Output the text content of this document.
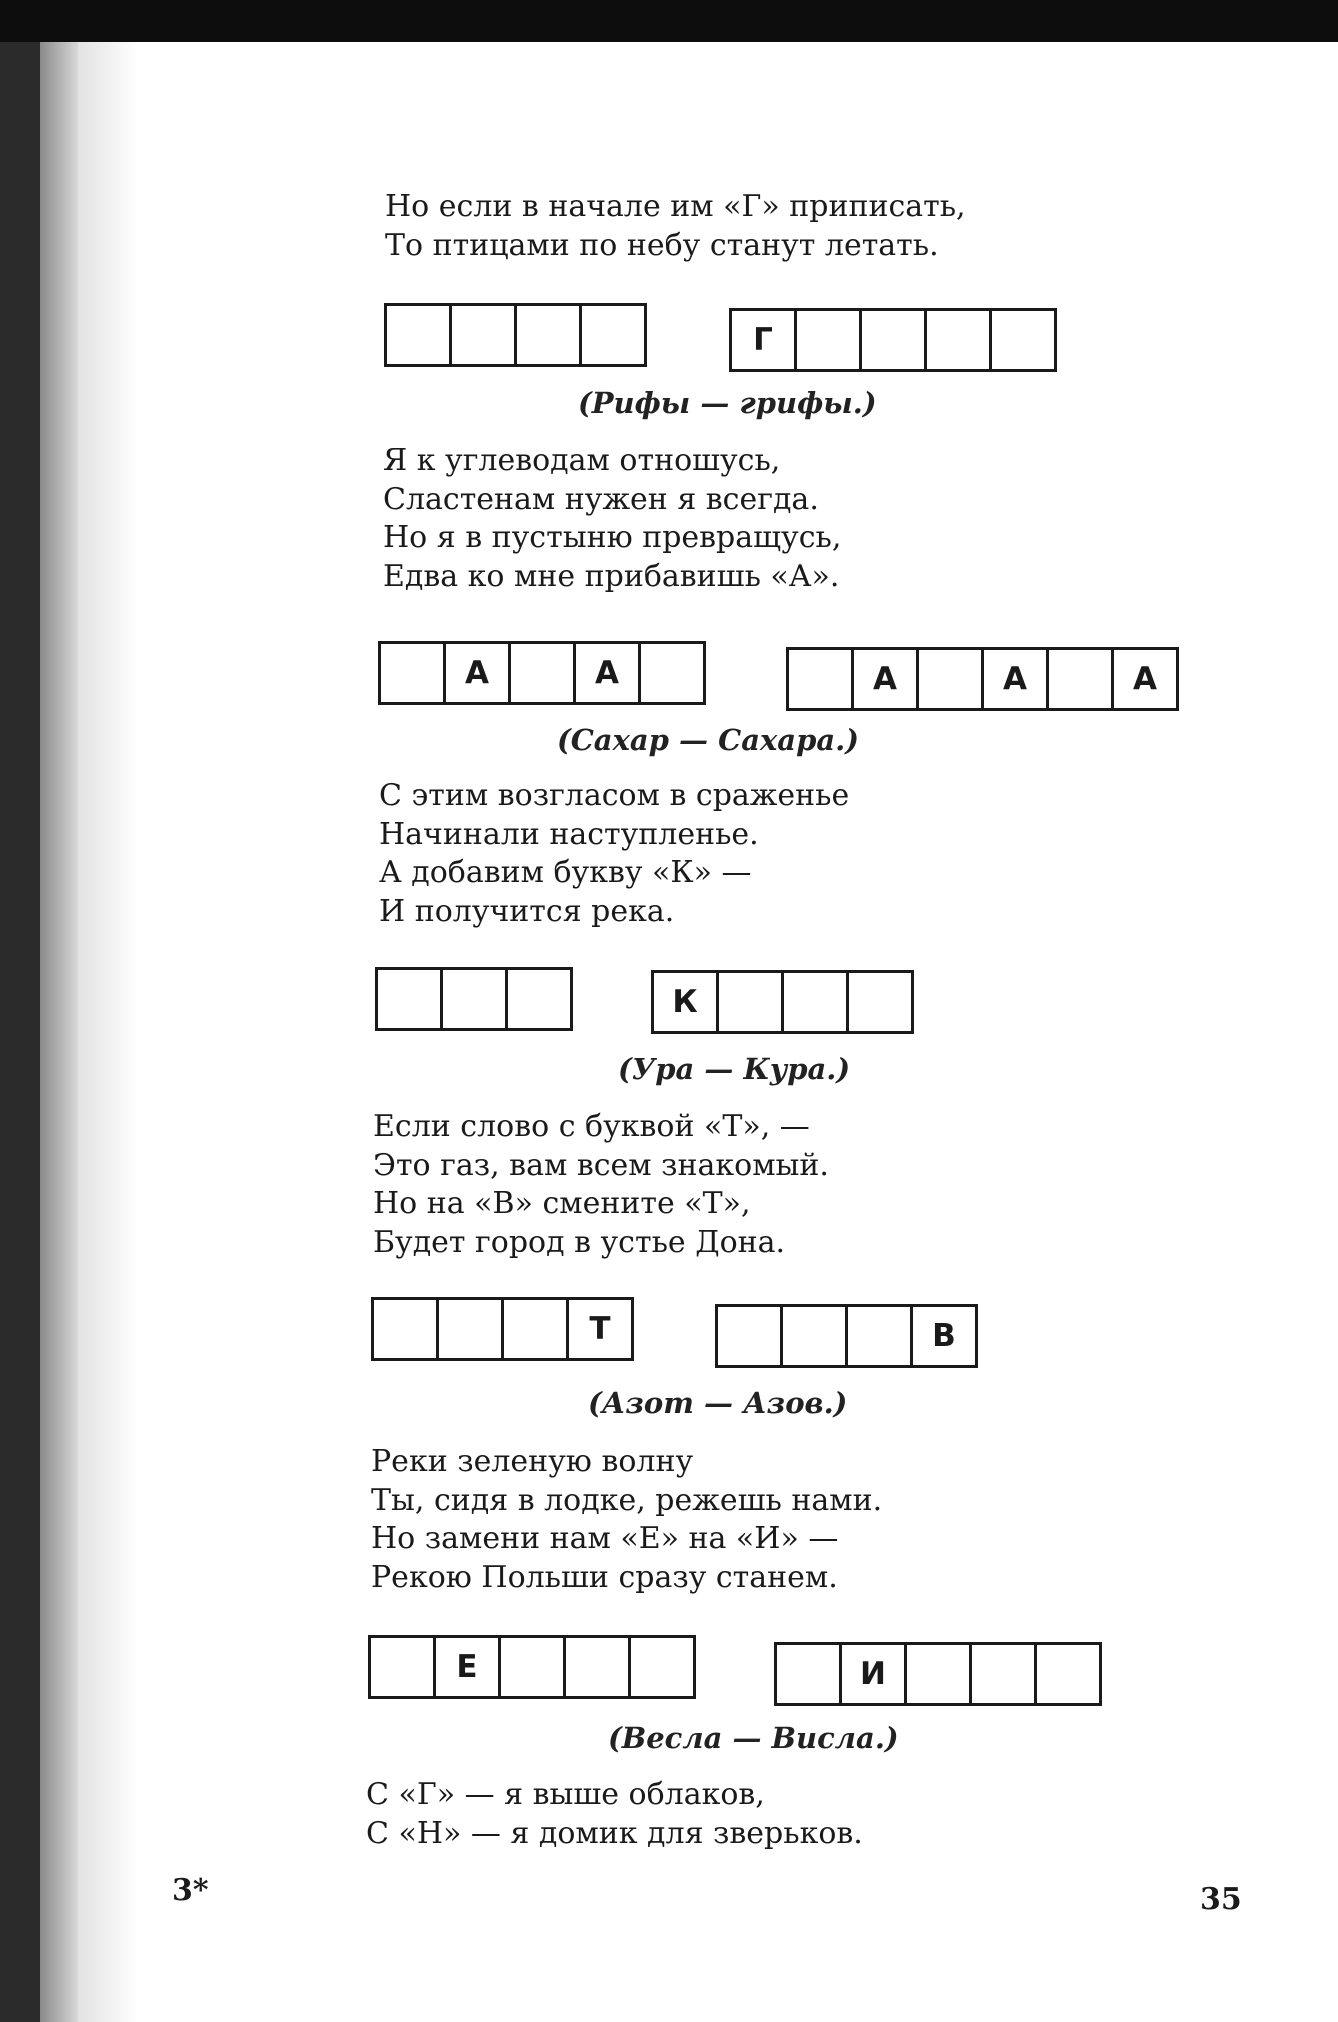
Но если в начале им «Г» приписать,
То птицами по небу станут летать.
Г

(Рифы — грифы.)

Я к углеводам отношусь,
Сластенам нужен я всегда.
Но я в пустыню превращусь,
Едва ко мне прибавишь «А».
А	А	А	А	А

(Сахар — Сахара.)

С этим возгласом в сраженье
Начинали наступленье.
А добавим букву «К» —
И получится река.
К

(Ура — Кура.)

Если слово с буквой «Т», —
Это газ, вам всем знакомый.
Но на «В» смените «Т»,
Будет город в устье Дона.
Т	В

(Азот — Азов.)

Реки зеленую волну
Ты, сидя в лодке, режешь нами.
Но замени нам «Е» на «И» —
Рекою Польши сразу станем.
Е	И

(Весла — Висла.)

С «Г» — я выше облаков,
С «Н» — я домик для зверьков.

3*	35
